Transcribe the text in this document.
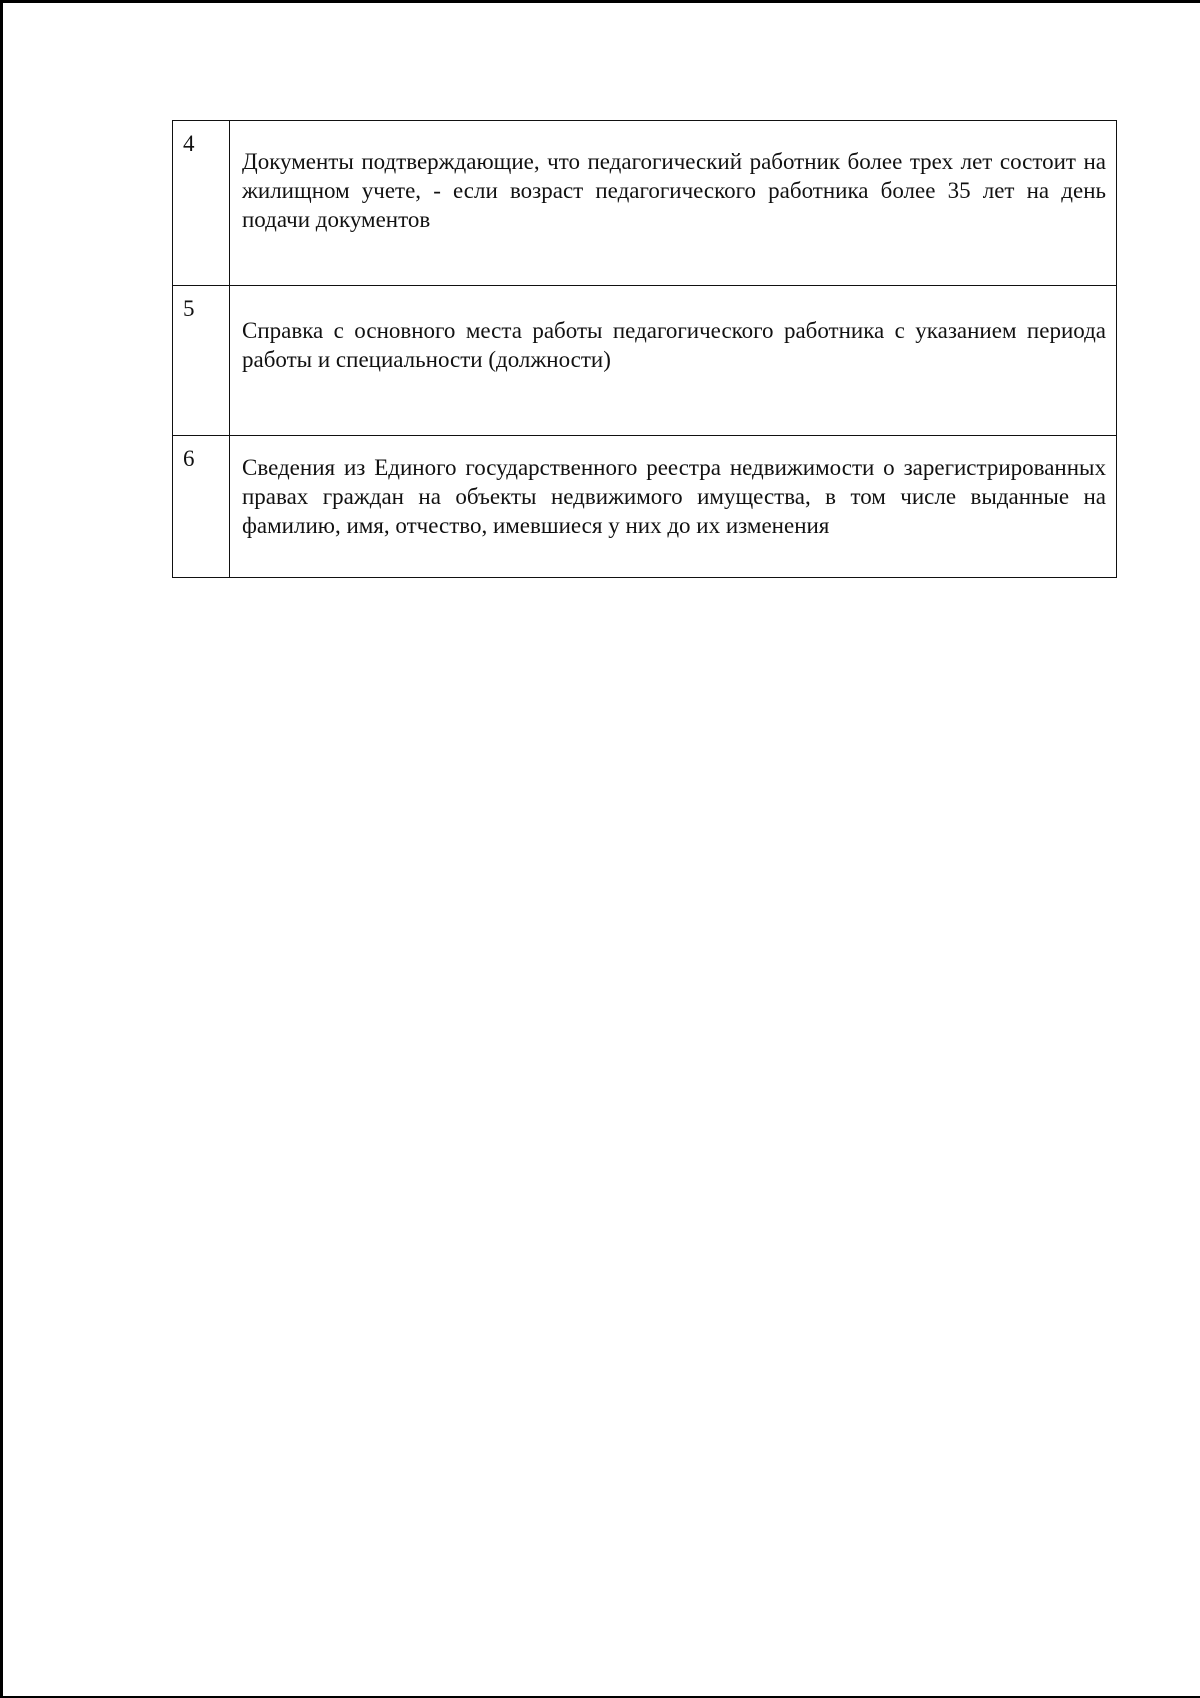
4	Документы подтверждающие, что педагогический работник более трех лет состоит на жилищном учете, - если возраст педагогического работника более 35 лет на день подачи документов
5	Справка с основного места работы педагогического работника с указанием периода работы и специальности (должности)
6	Сведения из Единого государственного реестра недвижимости о зарегистрированных правах граждан на объекты недвижимого имущества, в том числе выданные на фамилию, имя, отчество, имевшиеся у них до их изменения
